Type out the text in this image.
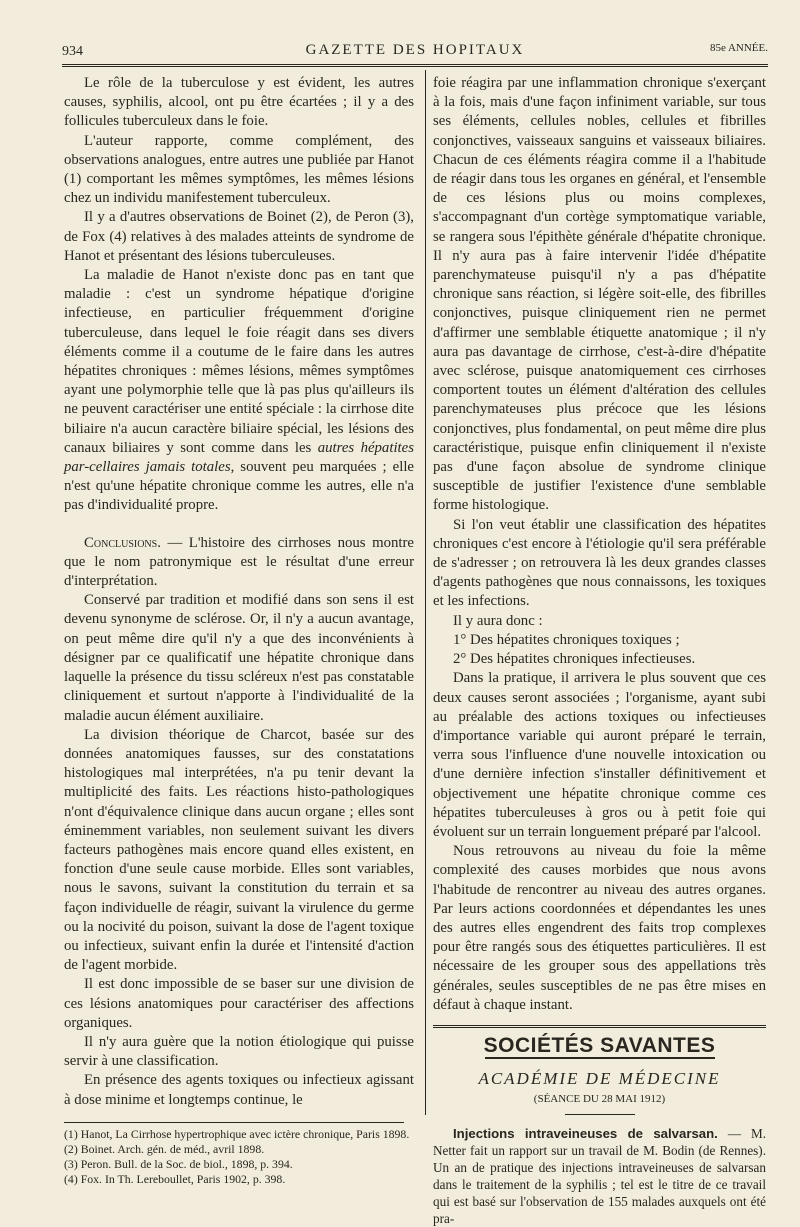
934	GAZETTE DES HOPITAUX	85e ANNÉE.

Le rôle de la tuberculose y est évident, les autres causes, syphilis, alcool, ont pu être écartées ; il y a des follicules tuberculeux dans le foie.

L'auteur rapporte, comme complément, des observations analogues, entre autres une publiée par Hanot (1) comportant les mêmes symptômes, les mêmes lésions chez un individu manifestement tuberculeux.

Il y a d'autres observations de Boinet (2), de Peron (3), de Fox (4) relatives à des malades atteints de syndrome de Hanot et présentant des lésions tuberculeuses.

La maladie de Hanot n'existe donc pas en tant que maladie : c'est un syndrome hépatique d'origine infectieuse, en particulier fréquemment d'origine tuberculeuse, dans lequel le foie réagit dans ses divers éléments comme il a coutume de le faire dans les autres hépatites chroniques : mêmes lésions, mêmes symptômes ayant une polymorphie telle que là pas plus qu'ailleurs ils ne peuvent caractériser une entité spéciale : la cirrhose dite biliaire n'a aucun caractère biliaire spécial, les lésions des canaux biliaires y sont comme dans les autres hépatites par-cellaires jamais totales, souvent peu marquées ; elle n'est qu'une hépatite chronique comme les autres, elle n'a pas d'individualité propre.

Conclusions. — L'histoire des cirrhoses nous montre que le nom patronymique est le résultat d'une erreur d'interprétation.

Conservé par tradition et modifié dans son sens il est devenu synonyme de sclérose. Or, il n'y a aucun avantage, on peut même dire qu'il n'y a que des inconvénients à désigner par ce qualificatif une hépatite chronique dans laquelle la présence du tissu scléreux n'est pas constatable cliniquement et surtout n'apporte à l'individualité de la maladie aucun élément auxiliaire.

La division théorique de Charcot, basée sur des données anatomiques fausses, sur des constatations histologiques mal interprétées, n'a pu tenir devant la multiplicité des faits. Les réactions histo-pathologiques n'ont d'équivalence clinique dans aucun organe ; elles sont éminemment variables, non seulement suivant les divers facteurs pathogènes mais encore quand elles existent, en fonction d'une seule cause morbide. Elles sont variables, nous le savons, suivant la constitution du terrain et sa façon individuelle de réagir, suivant la virulence du germe ou la nocivité du poison, suivant la dose de l'agent toxique ou infectieux, suivant enfin la durée et l'intensité d'action de l'agent morbide.

Il est donc impossible de se baser sur une division de ces lésions anatomiques pour caractériser des affections organiques.

Il n'y aura guère que la notion étiologique qui puisse servir à une classification.

En présence des agents toxiques ou infectieux agissant à dose minime et longtemps continue, le

(1) Hanot, La Cirrhose hypertrophique avec ictère chronique, Paris 1898.
(2) Boinet. Arch. gén. de méd., avril 1898.
(3) Peron. Bull. de la Soc. de biol., 1898, p. 394.
(4) Fox. In Th. Lereboullet, Paris 1902, p. 398.

foie réagira par une inflammation chronique s'exerçant à la fois, mais d'une façon infiniment variable, sur tous ses éléments, cellules nobles, cellules et fibrilles conjonctives, vaisseaux sanguins et vaisseaux biliaires. Chacun de ces éléments réagira comme il a l'habitude de réagir dans tous les organes en général, et l'ensemble de ces lésions plus ou moins complexes, s'accompagnant d'un cortège symptomatique variable, se rangera sous l'épithète générale d'hépatite chronique. Il n'y aura pas à faire intervenir l'idée d'hépatite parenchymateuse puisqu'il n'y a pas d'hépatite chronique sans réaction, si légère soit-elle, des fibrilles conjonctives, puisque cliniquement rien ne permet d'affirmer une semblable étiquette anatomique ; il n'y aura pas davantage de cirrhose, c'est-à-dire d'hépatite avec sclérose, puisque anatomiquement ces cirrhoses comportent toutes un élément d'altération des cellules parenchymateuses plus précoce que les lésions conjonctives, plus fondamental, on peut même dire plus caractéristique, puisque enfin cliniquement il n'existe pas d'une façon absolue de syndrome clinique susceptible de justifier l'existence d'une semblable forme histologique.

Si l'on veut établir une classification des hépatites chroniques c'est encore à l'étiologie qu'il sera préférable de s'adresser ; on retrouvera là les deux grandes classes d'agents pathogènes que nous connaissons, les toxiques et les infections.

Il y aura donc :

1° Des hépatites chroniques toxiques ;
2° Des hépatites chroniques infectieuses.

Dans la pratique, il arrivera le plus souvent que ces deux causes seront associées ; l'organisme, ayant subi au préalable des actions toxiques ou infectieuses d'importance variable qui auront préparé le terrain, verra sous l'influence d'une nouvelle intoxication ou d'une dernière infection s'installer définitivement et objectivement une hépatite chronique comme ces hépatites tuberculeuses à gros ou à petit foie qui évoluent sur un terrain longuement préparé par l'alcool.

Nous retrouvons au niveau du foie la même complexité des causes morbides que nous avons l'habitude de rencontrer au niveau des autres organes. Par leurs actions coordonnées et dépendantes les unes des autres elles engendrent des faits trop complexes pour être rangés sous des étiquettes particulières. Il est nécessaire de les grouper sous des appellations très générales, seules susceptibles de ne pas être mises en défaut à chaque instant.

SOCIÉTÉS SAVANTES
ACADÉMIE DE MÉDECINE
(SÉANCE DU 28 MAI 1912)

Injections intraveineuses de salvarsan. — M. Netter fait un rapport sur un travail de M. Bodin (de Rennes). Un an de pratique des injections intraveineuses de salvarsan dans le traitement de la syphilis ; tel est le titre de ce travail qui est basé sur l'observation de 155 malades auxquels ont été pra-
